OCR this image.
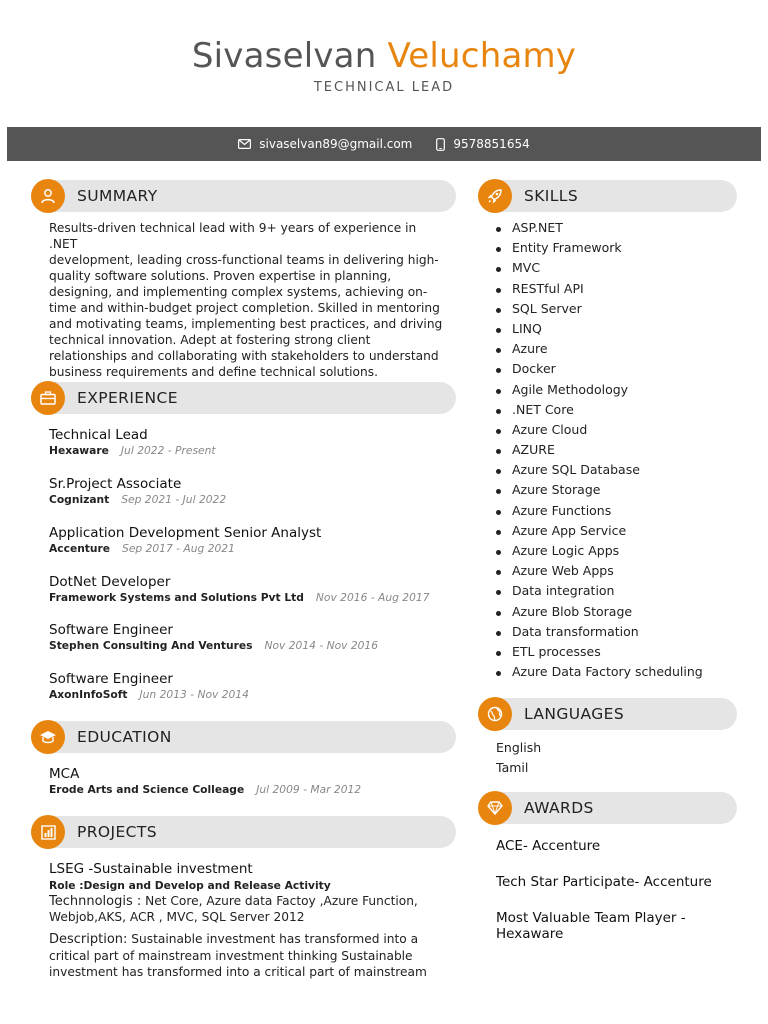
Sivaselvan Veluchamy
TECHNICAL LEAD
sivaselvan89@gmail.com	9578851654
SUMMARY
Results-driven technical lead with 9+ years of experience in .NET
development, leading cross-functional teams in delivering high-
quality software solutions. Proven expertise in planning,
designing, and implementing complex systems, achieving on-
time and within-budget project completion. Skilled in mentoring
and motivating teams, implementing best practices, and driving
technical innovation. Adept at fostering strong client
relationships and collaborating with stakeholders to understand
business requirements and define technical solutions.
EXPERIENCE
Technical Lead
Hexaware Jul 2022 - Present
Sr.Project Associate
Cognizant Sep 2021 - Jul 2022
Application Development Senior Analyst
Accenture Sep 2017 - Aug 2021
DotNet Developer
Framework Systems and Solutions Pvt Ltd Nov 2016 - Aug 2017
Software Engineer
Stephen Consulting And Ventures Nov 2014 - Nov 2016
Software Engineer
AxonInfoSoft Jun 2013 - Nov 2014
EDUCATION
MCA
Erode Arts and Science Colleage Jul 2009 - Mar 2012
PROJECTS
LSEG -Sustainable investment
Role :Design and Develop and Release Activity
Technnologis : Net Core, Azure data Factoy ,Azure Function,
Webjob,AKS, ACR , MVC, SQL Server 2012
Description: Sustainable investment has transformed into a
critical part of mainstream investment thinking Sustainable
investment has transformed into a critical part of mainstream
SKILLS
ASP.NET
Entity Framework
MVC
RESTful API
SQL Server
LINQ
Azure
Docker
Agile Methodology
.NET Core
Azure Cloud
AZURE
Azure SQL Database
Azure Storage
Azure Functions
Azure App Service
Azure Logic Apps
Azure Web Apps
Data integration
Azure Blob Storage
Data transformation
ETL processes
Azure Data Factory scheduling
LANGUAGES
English
Tamil
AWARDS
ACE- Accenture
Tech Star Participate- Accenture
Most Valuable Team Player -
Hexaware
